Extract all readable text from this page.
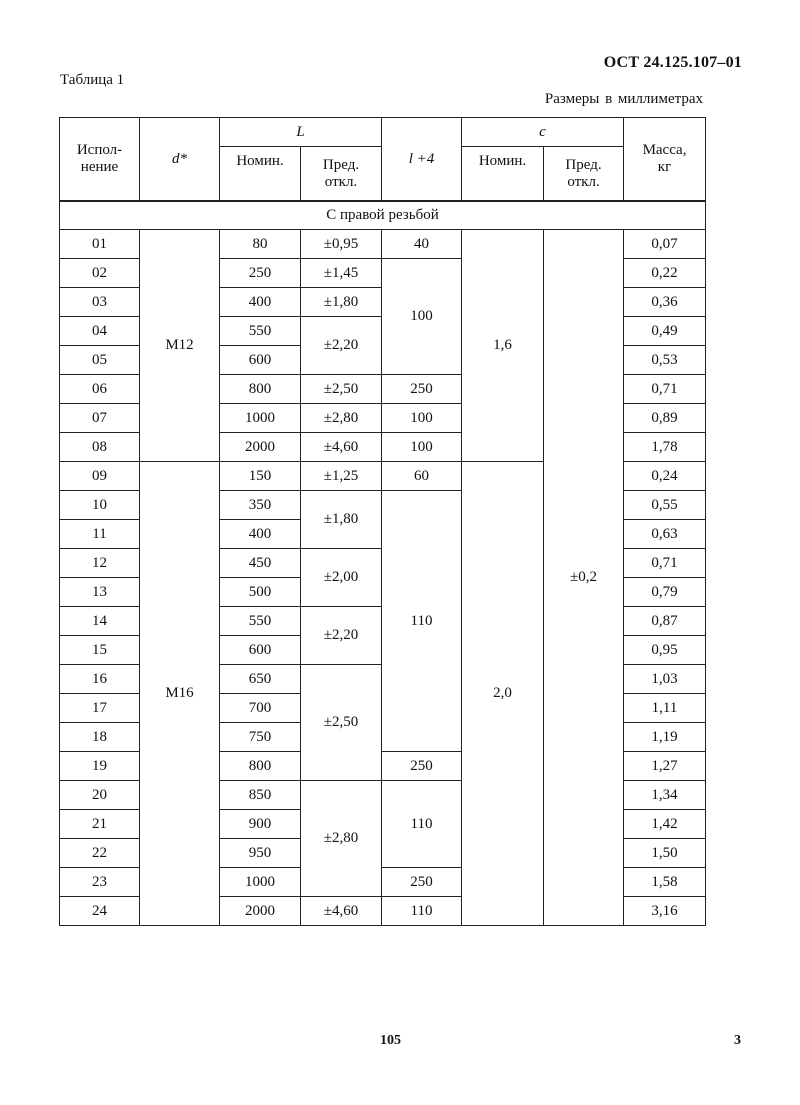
ОСТ 24.125.107–01
Таблица 1
Размеры в миллиметрах
Испол-нение	d*	L		l +4	c		Масса, кг
		Номин.	Пред. откл.		Номин.	Пред. откл.	
С правой резьбой							
01	М12	80	±0,95	40	1,6	±0,2	0,07
02		250	±1,45	100			0,22
03		400	±1,80				0,36
04		550	±2,20				0,49
05		600					0,53
06		800	±2,50	250			0,71
07		1000	±2,80	100			0,89
08		2000	±4,60	100			1,78
09	М16	150	±1,25	60	2,0		0,24
10		350	±1,80	110			0,55
11		400					0,63
12		450	±2,00				0,71
13		500					0,79
14		550	±2,20				0,87
15		600					0,95
16		650	±2,50				1,03
17		700					1,11
18		750					1,19
19		800		250			1,27
20		850	±2,80	110			1,34
21		900					1,42
22		950					1,50
23		1000		250			1,58
24		2000	±4,60	110			3,16
105	3
